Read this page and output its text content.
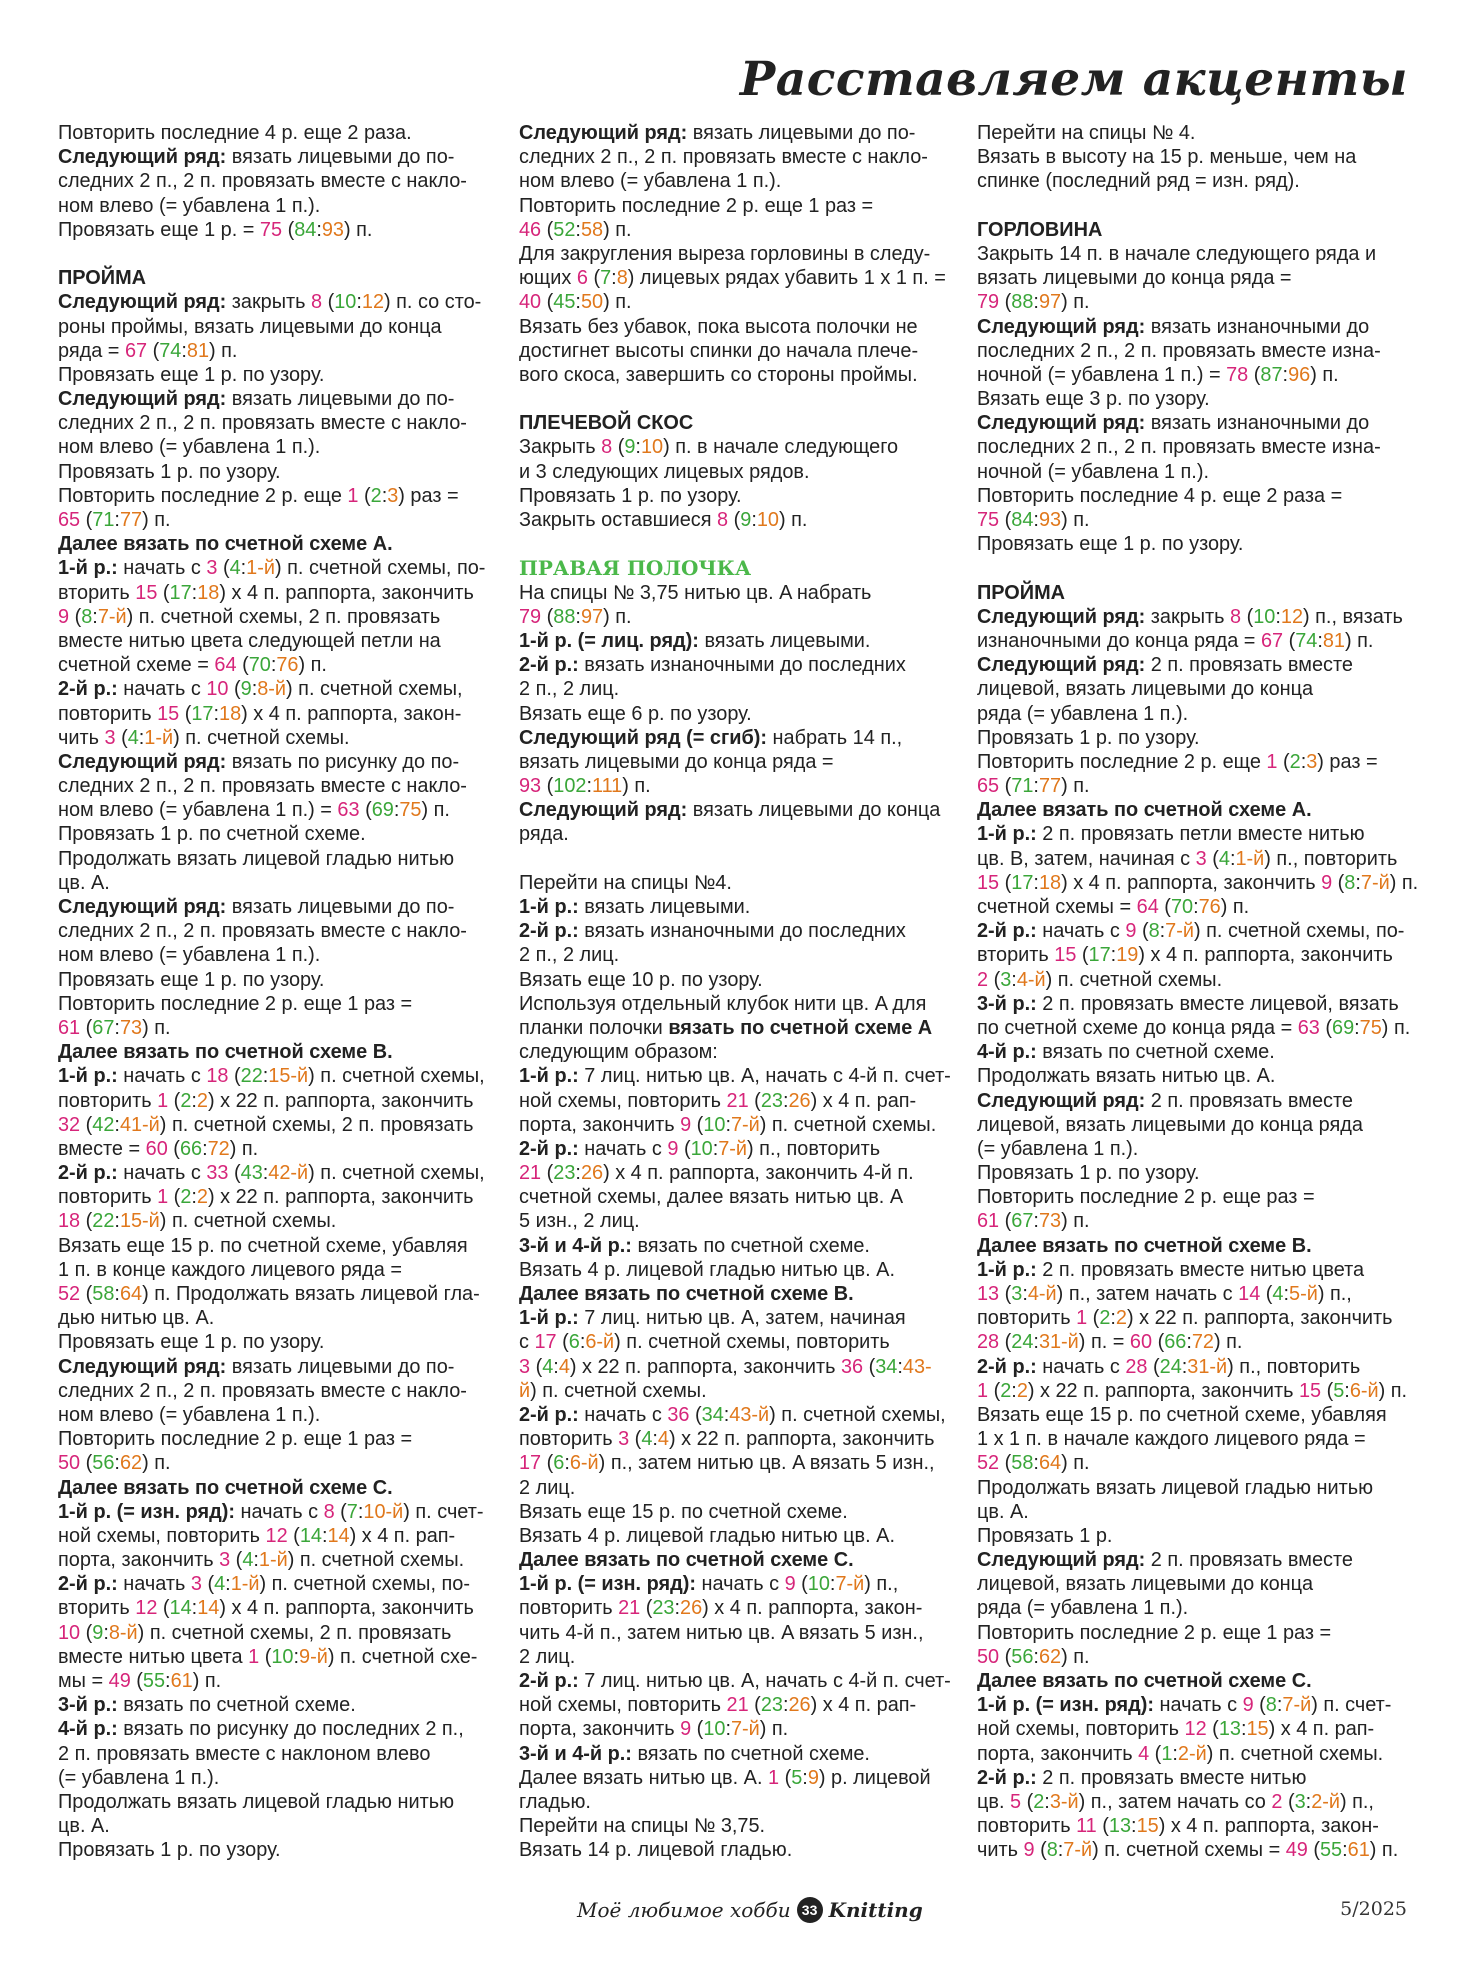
Расставляем акценты
Повторить последние 4 р. еще 2 раза.
Следующий ряд: вязать лицевыми до по-
следних 2 п., 2 п. провязать вместе с накло-
ном влево (= убавлена 1 п.).
Провязать еще 1 р. = 75 (84:93) п.
ПРОЙМА
Следующий ряд: закрыть 8 (10:12) п. со сто-
роны проймы, вязать лицевыми до конца
ряда = 67 (74:81) п.
Провязать еще 1 р. по узору.
Следующий ряд: вязать лицевыми до по-
следних 2 п., 2 п. провязать вместе с накло-
ном влево (= убавлена 1 п.).
Провязать 1 р. по узору.
Повторить последние 2 р. еще 1 (2:3) раз =
65 (71:77) п.
Далее вязать по счетной схеме A.
1-й р.: начать с 3 (4:1-й) п. счетной схемы, по-
вторить 15 (17:18) x 4 п. раппорта, закончить
9 (8:7-й) п. счетной схемы, 2 п. провязать
вместе нитью цвета следующей петли на
счетной схеме = 64 (70:76) п.
2-й р.: начать с 10 (9:8-й) п. счетной схемы,
повторить 15 (17:18) x 4 п. раппорта, закон-
чить 3 (4:1-й) п. счетной схемы.
Следующий ряд: вязать по рисунку до по-
следних 2 п., 2 п. провязать вместе с накло-
ном влево (= убавлена 1 п.) = 63 (69:75) п.
Провязать 1 р. по счетной схеме.
Продолжать вязать лицевой гладью нитью
цв. A.
Следующий ряд: вязать лицевыми до по-
следних 2 п., 2 п. провязать вместе с накло-
ном влево (= убавлена 1 п.).
Провязать еще 1 р. по узору.
Повторить последние 2 р. еще 1 раз =
61 (67:73) п.
Далее вязать по счетной схеме B.
1-й р.: начать с 18 (22:15-й) п. счетной схемы,
повторить 1 (2:2) x 22 п. раппорта, закончить
32 (42:41-й) п. счетной схемы, 2 п. провязать
вместе = 60 (66:72) п.
2-й р.: начать с 33 (43:42-й) п. счетной схемы,
повторить 1 (2:2) x 22 п. раппорта, закончить
18 (22:15-й) п. счетной схемы.
Вязать еще 15 р. по счетной схеме, убавляя
1 п. в конце каждого лицевого ряда =
52 (58:64) п. Продолжать вязать лицевой гла-
дью нитью цв. A.
Провязать еще 1 р. по узору.
Следующий ряд: вязать лицевыми до по-
следних 2 п., 2 п. провязать вместе с накло-
ном влево (= убавлена 1 п.).
Повторить последние 2 р. еще 1 раз =
50 (56:62) п.
Далее вязать по счетной схеме C.
1-й р. (= изн. ряд): начать с 8 (7:10-й) п. счет-
ной схемы, повторить 12 (14:14) x 4 п. рап-
порта, закончить 3 (4:1-й) п. счетной схемы.
2-й р.: начать 3 (4:1-й) п. счетной схемы, по-
вторить 12 (14:14) x 4 п. раппорта, закончить
10 (9:8-й) п. счетной схемы, 2 п. провязать
вместе нитью цвета 1 (10:9-й) п. счетной схе-
мы = 49 (55:61) п.
3-й р.: вязать по счетной схеме.
4-й р.: вязать по рисунку до последних 2 п.,
2 п. провязать вместе с наклоном влево
(= убавлена 1 п.).
Продолжать вязать лицевой гладью нитью
цв. A.
Провязать 1 р. по узору.
Следующий ряд: вязать лицевыми до по-
следних 2 п., 2 п. провязать вместе с накло-
ном влево (= убавлена 1 п.).
Повторить последние 2 р. еще 1 раз =
46 (52:58) п.
Для закругления выреза горловины в следу-
ющих 6 (7:8) лицевых рядах убавить 1 x 1 п. =
40 (45:50) п.
Вязать без убавок, пока высота полочки не
достигнет высоты спинки до начала плече-
вого скоса, завершить со стороны проймы.
ПЛЕЧЕВОЙ СКОС
Закрыть 8 (9:10) п. в начале следующего
и 3 следующих лицевых рядов.
Провязать 1 р. по узору.
Закрыть оставшиеся 8 (9:10) п.
ПРАВАЯ ПОЛОЧКА
На спицы № 3,75 нитью цв. A набрать
79 (88:97) п.
1-й р. (= лиц. ряд): вязать лицевыми.
2-й р.: вязать изнаночными до последних
2 п., 2 лиц.
Вязать еще 6 р. по узору.
Следующий ряд (= сгиб): набрать 14 п.,
вязать лицевыми до конца ряда =
93 (102:111) п.
Следующий ряд: вязать лицевыми до конца
ряда.
Перейти на спицы №4.
1-й р.: вязать лицевыми.
2-й р.: вязать изнаночными до последних
2 п., 2 лиц.
Вязать еще 10 р. по узору.
Используя отдельный клубок нити цв. A для
планки полочки вязать по счетной схеме A
следующим образом:
1-й р.: 7 лиц. нитью цв. A, начать с 4-й п. счет-
ной схемы, повторить 21 (23:26) x 4 п. рап-
порта, закончить 9 (10:7-й) п. счетной схемы.
2-й р.: начать с 9 (10:7-й) п., повторить
21 (23:26) x 4 п. раппорта, закончить 4-й п.
счетной схемы, далее вязать нитью цв. A
5 изн., 2 лиц.
3-й и 4-й р.: вязать по счетной схеме.
Вязать 4 р. лицевой гладью нитью цв. A.
Далее вязать по счетной схеме B.
1-й р.: 7 лиц. нитью цв. A, затем, начиная
с 17 (6:6-й) п. счетной схемы, повторить
3 (4:4) x 22 п. раппорта, закончить 36 (34:43-
й) п. счетной схемы.
2-й р.: начать с 36 (34:43-й) п. счетной схемы,
повторить 3 (4:4) x 22 п. раппорта, закончить
17 (6:6-й) п., затем нитью цв. A вязать 5 изн.,
2 лиц.
Вязать еще 15 р. по счетной схеме.
Вязать 4 р. лицевой гладью нитью цв. A.
Далее вязать по счетной схеме C.
1-й р. (= изн. ряд): начать с 9 (10:7-й) п.,
повторить 21 (23:26) x 4 п. раппорта, закон-
чить 4-й п., затем нитью цв. A вязать 5 изн.,
2 лиц.
2-й р.: 7 лиц. нитью цв. A, начать с 4-й п. счет-
ной схемы, повторить 21 (23:26) x 4 п. рап-
порта, закончить 9 (10:7-й) п.
3-й и 4-й р.: вязать по счетной схеме.
Далее вязать нитью цв. A. 1 (5:9) р. лицевой
гладью.
Перейти на спицы № 3,75.
Вязать 14 р. лицевой гладью.
Перейти на спицы № 4.
Вязать в высоту на 15 р. меньше, чем на
спинке (последний ряд = изн. ряд).
ГОРЛОВИНА
Закрыть 14 п. в начале следующего ряда и
вязать лицевыми до конца ряда =
79 (88:97) п.
Следующий ряд: вязать изнаночными до
последних 2 п., 2 п. провязать вместе изна-
ночной (= убавлена 1 п.) = 78 (87:96) п.
Вязать еще 3 р. по узору.
Следующий ряд: вязать изнаночными до
последних 2 п., 2 п. провязать вместе изна-
ночной (= убавлена 1 п.).
Повторить последние 4 р. еще 2 раза =
75 (84:93) п.
Провязать еще 1 р. по узору.
ПРОЙМА
Следующий ряд: закрыть 8 (10:12) п., вязать
изнаночными до конца ряда = 67 (74:81) п.
Следующий ряд: 2 п. провязать вместе
лицевой, вязать лицевыми до конца
ряда (= убавлена 1 п.).
Провязать 1 р. по узору.
Повторить последние 2 р. еще 1 (2:3) раз =
65 (71:77) п.
Далее вязать по счетной схеме A.
1-й р.: 2 п. провязать петли вместе нитью
цв. B, затем, начиная с 3 (4:1-й) п., повторить
15 (17:18) x 4 п. раппорта, закончить 9 (8:7-й) п.
счетной схемы = 64 (70:76) п.
2-й р.: начать с 9 (8:7-й) п. счетной схемы, по-
вторить 15 (17:19) x 4 п. раппорта, закончить
2 (3:4-й) п. счетной схемы.
3-й р.: 2 п. провязать вместе лицевой, вязать
по счетной схеме до конца ряда = 63 (69:75) п.
4-й р.: вязать по счетной схеме.
Продолжать вязать нитью цв. A.
Следующий ряд: 2 п. провязать вместе
лицевой, вязать лицевыми до конца ряда
(= убавлена 1 п.).
Провязать 1 р. по узору.
Повторить последние 2 р. еще раз =
61 (67:73) п.
Далее вязать по счетной схеме B.
1-й р.: 2 п. провязать вместе нитью цвета
13 (3:4-й) п., затем начать с 14 (4:5-й) п.,
повторить 1 (2:2) x 22 п. раппорта, закончить
28 (24:31-й) п. = 60 (66:72) п.
2-й р.: начать с 28 (24:31-й) п., повторить
1 (2:2) x 22 п. раппорта, закончить 15 (5:6-й) п.
Вязать еще 15 р. по счетной схеме, убавляя
1 x 1 п. в начале каждого лицевого ряда =
52 (58:64) п.
Продолжать вязать лицевой гладью нитью
цв. A.
Провязать 1 р.
Следующий ряд: 2 п. провязать вместе
лицевой, вязать лицевыми до конца
ряда (= убавлена 1 п.).
Повторить последние 2 р. еще 1 раз =
50 (56:62) п.
Далее вязать по счетной схеме C.
1-й р. (= изн. ряд): начать с 9 (8:7-й) п. счет-
ной схемы, повторить 12 (13:15) x 4 п. рап-
порта, закончить 4 (1:2-й) п. счетной схемы.
2-й р.: 2 п. провязать вместе нитью
цв. 5 (2:3-й) п., затем начать со 2 (3:2-й) п.,
повторить 11 (13:15) x 4 п. раппорта, закон-
чить 9 (8:7-й) п. счетной схемы = 49 (55:61) п.
Моё любимое хобби 33 Knitting	5/2025
